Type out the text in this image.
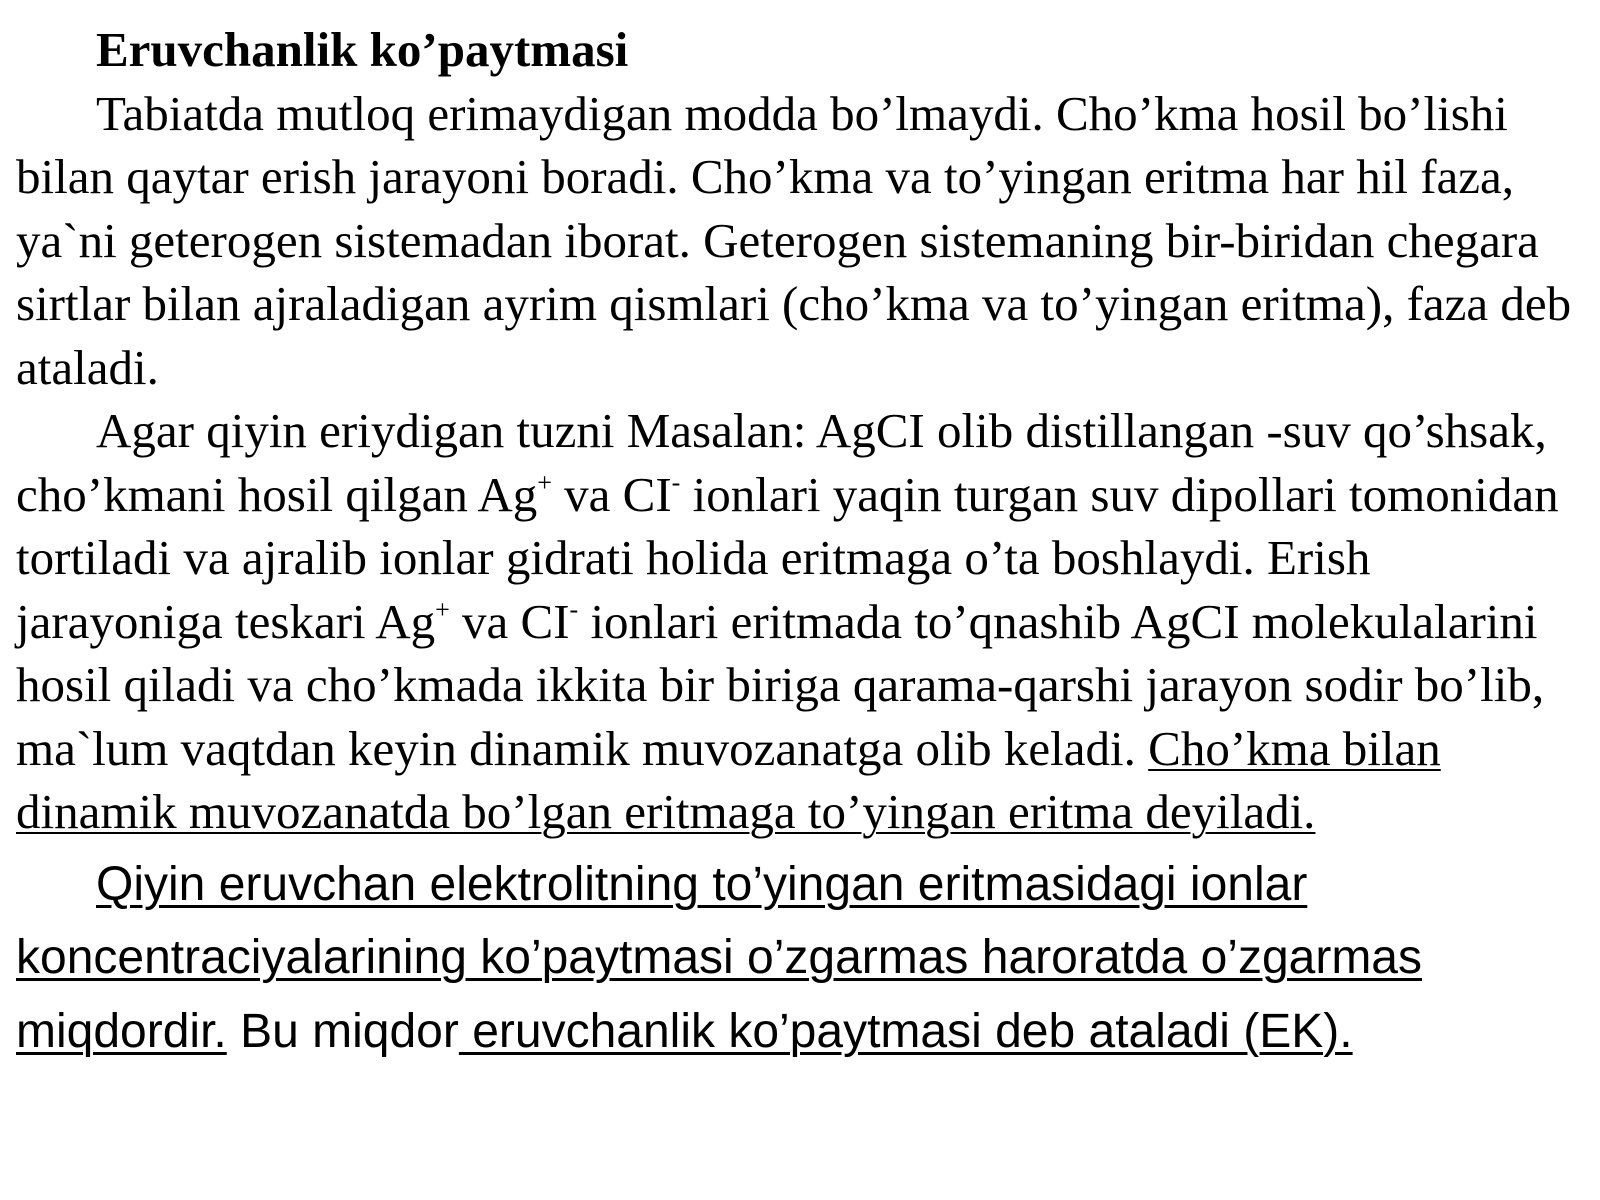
Eruvchanlik ko’paytmasi

Tabiatda mutloq erimaydigan modda bo’lmaydi. Cho’kma hosil bo’lishi bilan qaytar erish jarayoni boradi. Cho’kma va to’yingan eritma har hil faza, ya`ni geterogen sistemadan iborat. Geterogen sistemaning bir-biridan chegara sirtlar bilan ajraladigan ayrim qismlari (cho’kma va to’yingan eritma), faza deb ataladi.

Agar qiyin eriydigan tuzni Masalan: AgCI olib distillangan -suv qo’shsak, cho’kmani hosil qilgan Ag+ va CI- ionlari yaqin turgan suv dipollari tomonidan tortiladi va ajralib ionlar gidrati holida eritmaga o’ta boshlaydi. Erish jarayoniga teskari Ag+ va CI- ionlari eritmada to’qnashib AgCI molekulalarini hosil qiladi va cho’kmada ikkita bir biriga qarama-qarshi jarayon sodir bo’lib, ma`lum vaqtdan keyin dinamik muvozanatga olib keladi. Cho’kma bilan dinamik muvozanatda bo’lgan eritmaga to’yingan eritma deyiladi.

Qiyin eruvchan elektrolitning to’yingan eritmasidagi ionlar koncentraciyalarining ko’paytmasi o’zgarmas haroratda o’zgarmas miqdordir. Bu miqdor eruvchanlik ko’paytmasi deb ataladi (EK).
